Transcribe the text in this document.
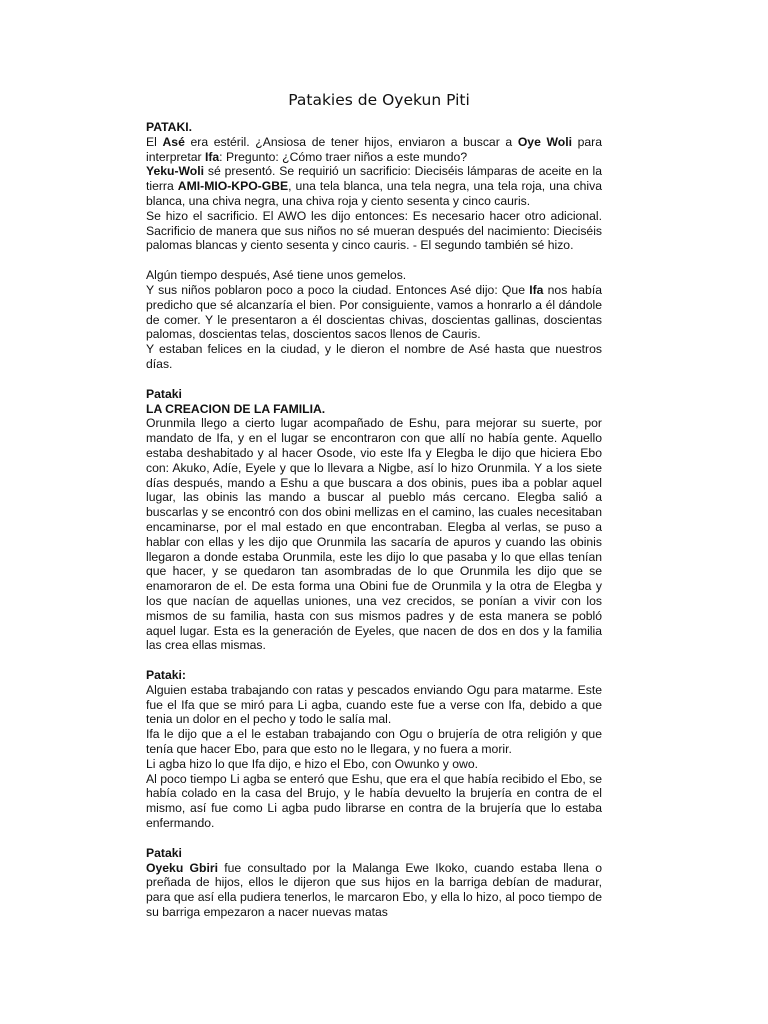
Patakies de Oyekun Piti
PATAKI.

El Asé era estéril. ¿Ansiosa de tener hijos, enviaron a buscar a Oye Woli para interpretar Ifa: Pregunto: ¿Cómo traer niños a este mundo?

Yeku-Woli sé presentó. Se requirió un sacrificio: Dieciséis lámparas de aceite en la tierra AMI-MIO-KPO-GBE, una tela blanca, una tela negra, una tela roja, una chiva blanca, una chiva negra, una chiva roja y ciento sesenta y cinco cauris.

Se hizo el sacrificio. El AWO les dijo entonces: Es necesario hacer otro adicional. Sacrificio de manera que sus niños no sé mueran después del nacimiento: Dieciséis palomas blancas y ciento sesenta y cinco cauris. - El segundo también sé hizo.

Algún tiempo después, Asé tiene unos gemelos.

Y sus niños poblaron poco a poco la ciudad. Entonces Asé dijo: Que Ifa nos había predicho que sé alcanzaría el bien. Por consiguiente, vamos a honrarlo a él dándole de comer. Y le presentaron a él doscientas chivas, doscientas gallinas, doscientas palomas, doscientas telas, doscientos sacos llenos de Cauris.

Y estaban felices en la ciudad, y le dieron el nombre de Asé hasta que nuestros días.

Pataki
LA CREACION DE LA FAMILIA.

Orunmila llego a cierto lugar acompañado de Eshu, para mejorar su suerte, por mandato de Ifa, y en el lugar se encontraron con que allí no había gente. Aquello estaba deshabitado y al hacer Osode, vio este Ifa y Elegba le dijo que hiciera Ebo con: Akuko, Adíe, Eyele y que lo llevara a Nigbe, así lo hizo Orunmila. Y a los siete días después, mando a Eshu a que buscara a dos obinis, pues iba a poblar aquel lugar, las obinis las mando a buscar al pueblo más cercano. Elegba salió a buscarlas y se encontró con dos obini mellizas en el camino, las cuales necesitaban encaminarse, por el mal estado en que encontraban. Elegba al verlas, se puso a hablar con ellas y les dijo que Orunmila las sacaría de apuros y cuando las obinis llegaron a donde estaba Orunmila, este les dijo lo que pasaba y lo que ellas tenían que hacer, y se quedaron tan asombradas de lo que Orunmila les dijo que se enamoraron de el. De esta forma una Obini fue de Orunmila y la otra de Elegba y los que nacían de aquellas uniones, una vez crecidos, se ponían a vivir con los mismos de su familia, hasta con sus mismos padres y de esta manera se pobló aquel lugar. Esta es la generación de Eyeles, que nacen de dos en dos y la familia las crea ellas mismas.

Pataki:

Alguien estaba trabajando con ratas y pescados enviando Ogu para matarme. Este fue el Ifa que se miró para Li agba, cuando este fue a verse con Ifa, debido a que tenia un dolor en el pecho y todo le salía mal.

Ifa le dijo que a el le estaban trabajando con Ogu o brujería de otra religión y que tenía que hacer Ebo, para que esto no le llegara, y no fuera a morir.

Li agba hizo lo que Ifa dijo, e hizo el Ebo, con Owunko y owo.

Al poco tiempo Li agba se enteró que Eshu, que era el que había recibido el Ebo, se había colado en la casa del Brujo, y le había devuelto la brujería en contra de el mismo, así fue como Li agba pudo librarse en contra de la brujería que lo estaba enfermando.

Pataki

Oyeku Gbiri fue consultado por la Malanga Ewe Ikoko, cuando estaba llena o preñada de hijos, ellos le dijeron que sus hijos en la barriga debían de madurar, para que así ella pudiera tenerlos, le marcaron Ebo, y ella lo hizo, al poco tiempo de su barriga empezaron a nacer nuevas matas
